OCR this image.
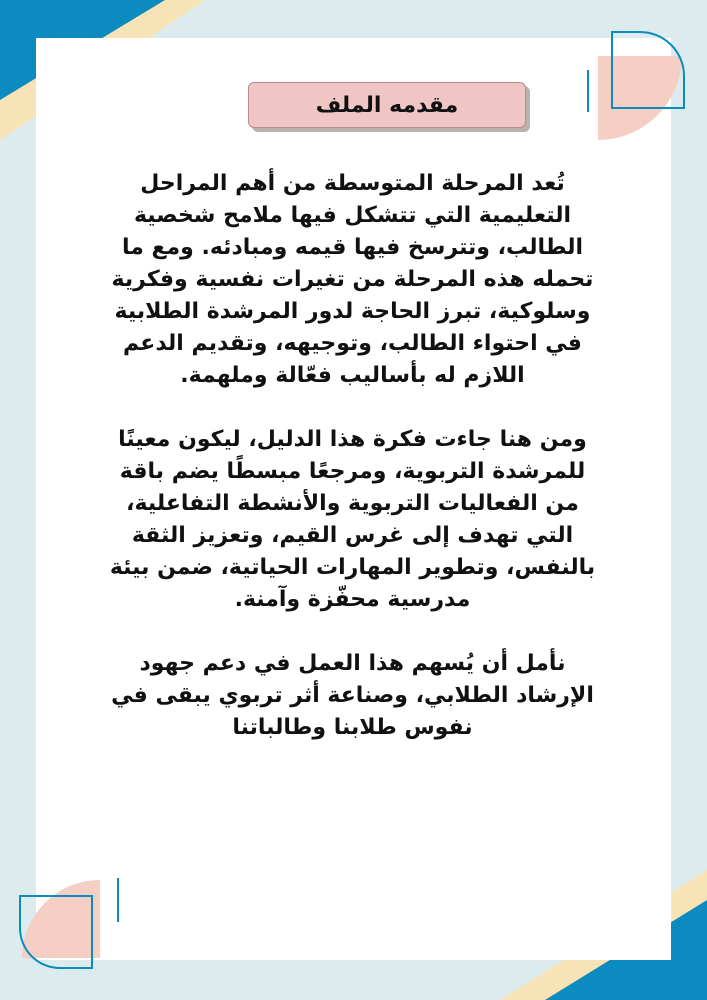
مقدمه الملف

تُعد المرحلة المتوسطة من أهم المراحل التعليمية التي تتشكل فيها ملامح شخصية الطالب، وتترسخ فيها قيمه ومبادئه. ومع ما تحمله هذه المرحلة من تغيرات نفسية وفكرية وسلوكية، تبرز الحاجة لدور المرشدة الطلابية في احتواء الطالب، وتوجيهه، وتقديم الدعم اللازم له بأساليب فعّالة وملهمة.

ومن هنا جاءت فكرة هذا الدليل، ليكون معينًا للمرشدة التربوية، ومرجعًا مبسطًا يضم باقة من الفعاليات التربوية والأنشطة التفاعلية، التي تهدف إلى غرس القيم، وتعزيز الثقة بالنفس، وتطوير المهارات الحياتية، ضمن بيئة مدرسية محفّزة وآمنة.

نأمل أن يُسهم هذا العمل في دعم جهود الإرشاد الطلابي، وصناعة أثر تربوي يبقى في نفوس طلابنا وطالباتنا
